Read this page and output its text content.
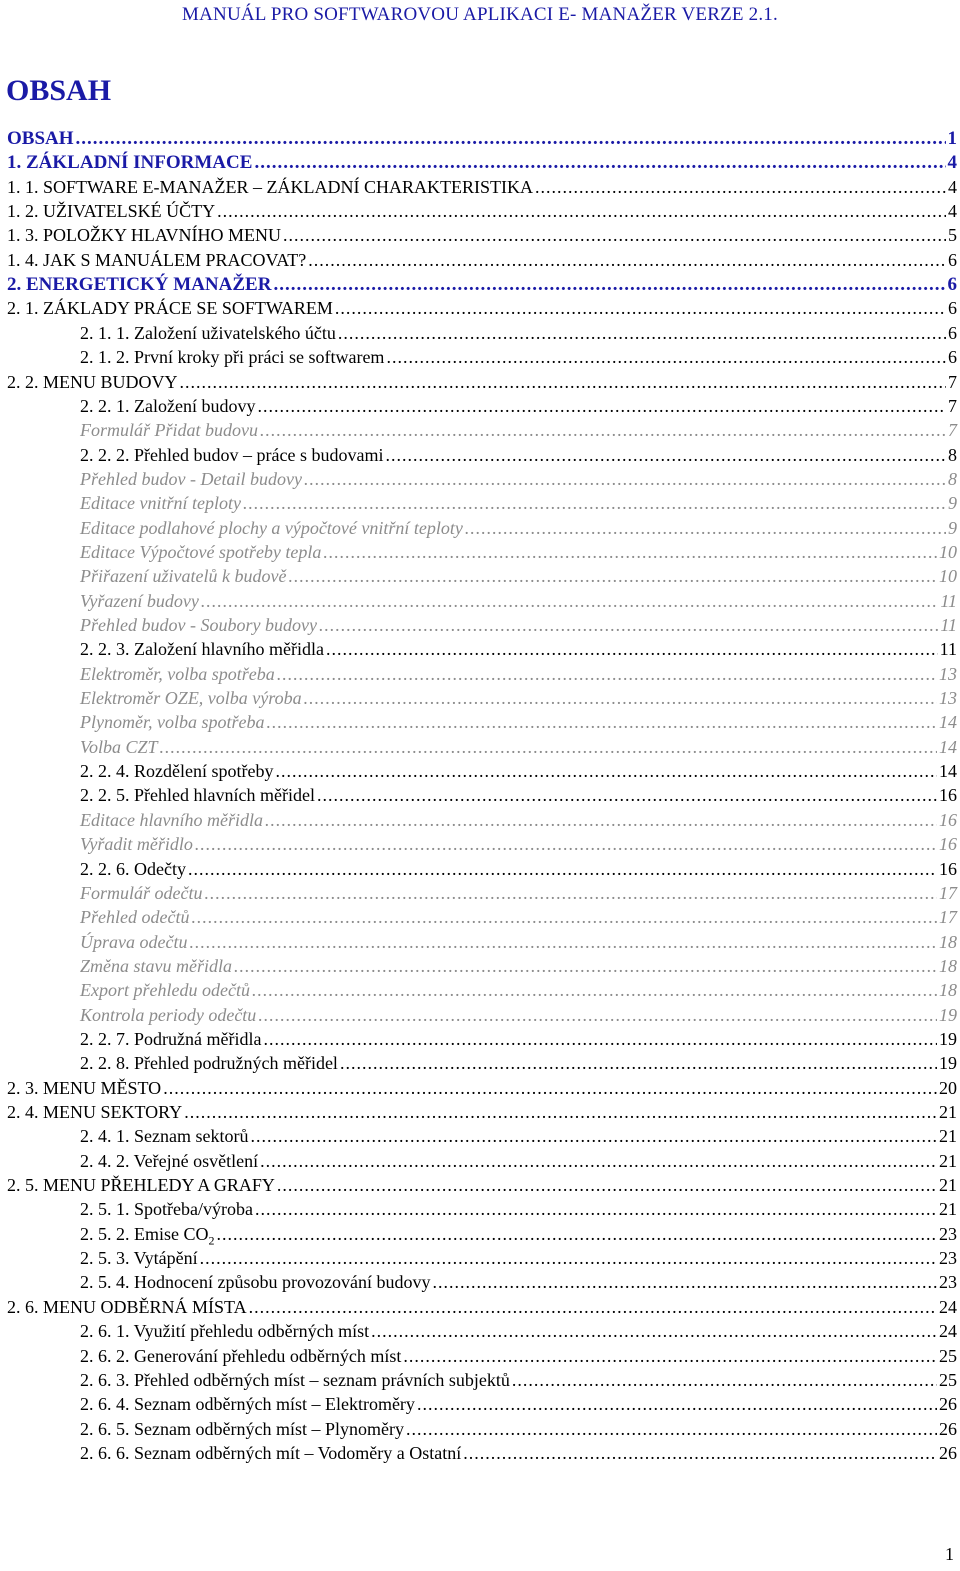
MANUÁL PRO SOFTWAROVOU APLIKACI E- MANAŽER VERZE 2.1.
OBSAH
OBSAH .....	1
1. ZÁKLADNÍ INFORMACE .....	4
1. 1. SOFTWARE E-MANAŽER – ZÁKLADNÍ CHARAKTERISTIKA .....	4
1. 2. UŽIVATELSKÉ ÚČTY .....	4
1. 3. POLOŽKY HLAVNÍHO MENU .....	5
1. 4. JAK S MANUÁLEM PRACOVAT? .....	6
2. ENERGETICKÝ MANAŽER .....	6
2. 1. ZÁKLADY PRÁCE SE SOFTWAREM .....	6
2. 1. 1. Založení uživatelského účtu .....	6
2. 1. 2. První kroky při práci se softwarem .....	6
2. 2. MENU BUDOVY .....	7
2. 2. 1. Založení budovy .....	7
Formulář Přidat budovu .....	7
2. 2. 2. Přehled budov – práce s budovami .....	8
Přehled budov - Detail budovy .....	8
Editace vnitřní teploty .....	9
Editace podlahové plochy a výpočtové vnitřní teploty .....	9
Editace Výpočtové spotřeby tepla .....	10
Přiřazení uživatelů k budově .....	10
Vyřazení budovy .....	11
Přehled budov - Soubory budovy .....	11
2. 2. 3. Založení hlavního měřidla .....	11
Elektroměr, volba spotřeba .....	13
Elektroměr OZE, volba výroba .....	13
Plynoměr, volba spotřeba .....	14
Volba CZT .....	14
2. 2. 4. Rozdělení spotřeby .....	14
2. 2. 5. Přehled hlavních měřidel .....	16
Editace hlavního měřidla .....	16
Vyřadit měřidlo .....	16
2. 2. 6. Odečty .....	16
Formulář odečtu .....	17
Přehled odečtů .....	17
Úprava odečtu .....	18
Změna stavu měřidla .....	18
Export přehledu odečtů .....	18
Kontrola periody odečtu .....	19
2. 2. 7. Podružná měřidla .....	19
2. 2. 8. Přehled podružných měřidel .....	19
2. 3. MENU MĚSTO .....	20
2. 4. MENU SEKTORY .....	21
2. 4. 1. Seznam sektorů .....	21
2. 4. 2. Veřejné osvětlení .....	21
2. 5. MENU PŘEHLEDY A GRAFY .....	21
2. 5. 1. Spotřeba/výroba .....	21
2. 5. 2. Emise $CO_2$ .....	23
2. 5. 3. Vytápění .....	23
2. 5. 4. Hodnocení způsobu provozování budovy .....	23
2. 6. MENU ODBĚRNÁ MÍSTA .....	24
2. 6. 1. Využití přehledu odběrných míst .....	24
2. 6. 2. Generování přehledu odběrných míst .....	25
2. 6. 3. Přehled odběrných míst – seznam právních subjektů .....	25
2. 6. 4. Seznam odběrných míst – Elektroměry .....	26
2. 6. 5. Seznam odběrných míst – Plynoměry .....	26
2. 6. 6. Seznam odběrných mít – Vodoměry a Ostatní .....	26
1
